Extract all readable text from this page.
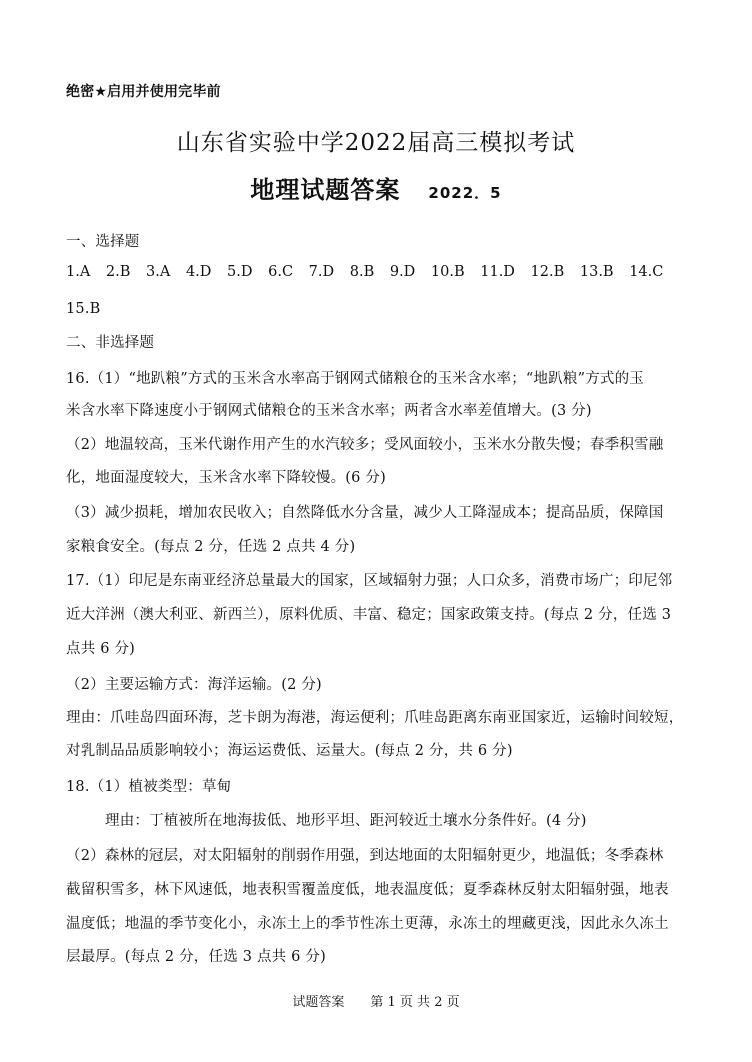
绝密★启用并使用完毕前
山东省实验中学2022届高三模拟考试
地理试题答案 2022．5
一、选择题
1.A 2.B 3.A 4.D 5.D 6.C 7.D 8.B 9.D 10.B 11.D 12.B 13.B 14.C
15.B
二、非选择题
16.（1）“地趴粮”方式的玉米含水率高于钢网式储粮仓的玉米含水率；“地趴粮”方式的玉
米含水率下降速度小于钢网式储粮仓的玉米含水率；两者含水率差值增大。(3 分)
（2）地温较高，玉米代谢作用产生的水汽较多；受风面较小，玉米水分散失慢；春季积雪融
化，地面湿度较大，玉米含水率下降较慢。(6 分)
（3）减少损耗，增加农民收入；自然降低水分含量，减少人工降湿成本；提高品质，保障国
家粮食安全。(每点 2 分，任选 2 点共 4 分)
17.（1）印尼是东南亚经济总量最大的国家，区域辐射力强；人口众多，消费市场广；印尼邻
近大洋洲（澳大利亚、新西兰），原料优质、丰富、稳定；国家政策支持。(每点 2 分，任选 3
点共 6 分)
（2）主要运输方式：海洋运输。(2 分)
理由：爪哇岛四面环海，芝卡朗为海港，海运便利；爪哇岛距离东南亚国家近，运输时间较短，
对乳制品品质影响较小；海运运费低、运量大。(每点 2 分，共 6 分)
18.（1）植被类型：草甸
理由：丁植被所在地海拔低、地形平坦、距河较近土壤水分条件好。(4 分)
（2）森林的冠层，对太阳辐射的削弱作用强，到达地面的太阳辐射更少，地温低；冬季森林
截留积雪多，林下风速低，地表积雪覆盖度低，地表温度低；夏季森林反射太阳辐射强，地表
温度低；地温的季节变化小，永冻土上的季节性冻土更薄，永冻土的埋藏更浅，因此永久冻土
层最厚。(每点 2 分，任选 3 点共 6 分)
试题答案　　第 1 页 共 2 页
